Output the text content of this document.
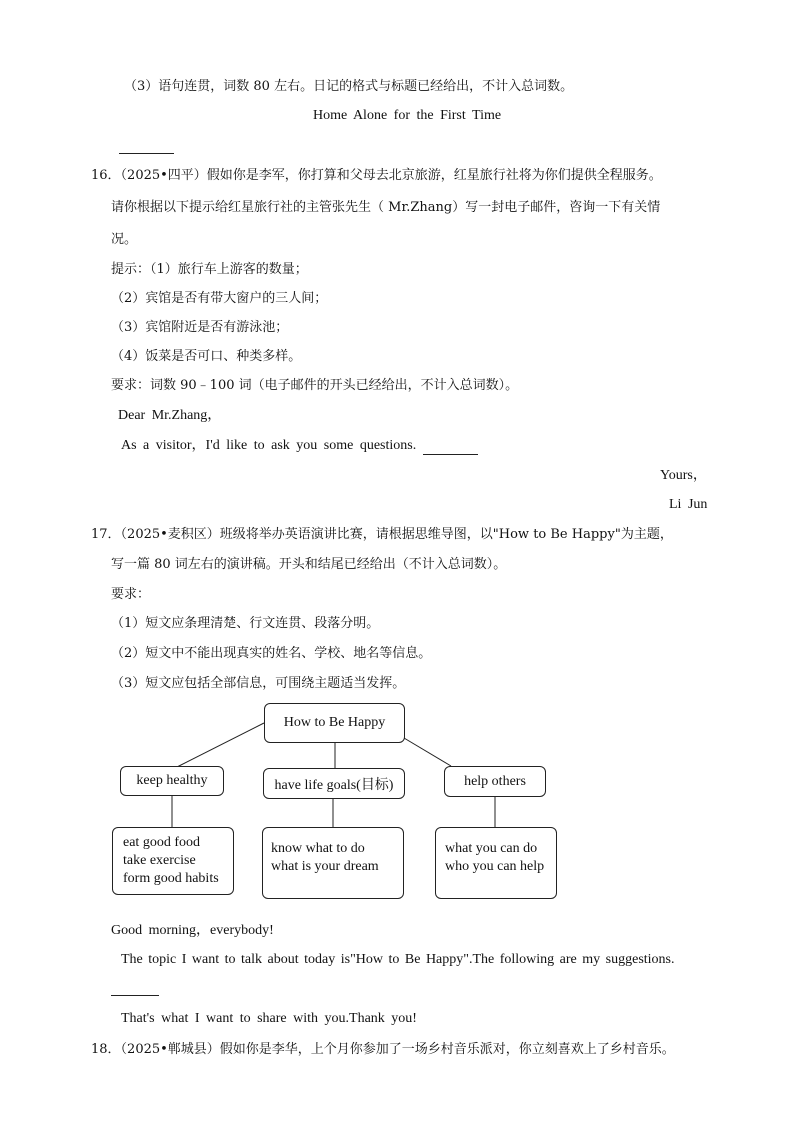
（3）语句连贯，词数 80 左右。日记的格式与标题已经给出，不计入总词数。
Home Alone for the First Time
16．（2025•四平）假如你是李军，你打算和父母去北京旅游，红星旅行社将为你们提供全程服务。
请你根据以下提示给红星旅行社的主管张先生（ Mr.Zhang）写一封电子邮件，咨询一下有关情
况。
提示：（1）旅行车上游客的数量；
（2）宾馆是否有带大窗户的三人间；
（3）宾馆附近是否有游泳池；
（4）饭菜是否可口、种类多样。
要求：词数 90﹣100 词（电子邮件的开头已经给出，不计入总词数）。
Dear Mr.Zhang，
As a visitor，I'd like to ask you some questions.
Yours，
Li Jun
17．（2025•麦积区）班级将举办英语演讲比赛，请根据思维导图，以"How to Be Happy"为主题，
写一篇 80 词左右的演讲稿。开头和结尾已经给出（不计入总词数）。
要求：
（1）短文应条理清楚、行文连贯、段落分明。
（2）短文中不能出现真实的姓名、学校、地名等信息。
（3）短文应包括全部信息，可围绕主题适当发挥。
How to Be Happy
keep healthy	have life goals(目标)	help others
eat good food
take exercise
form good habits
know what to do
what is your dream
what you can do
who you can help
Good morning，everybody!
The topic I want to talk about today is"How to Be Happy".The following are my suggestions.
That's what I want to share with you.Thank you!
18．（2025•郸城县）假如你是李华，上个月你参加了一场乡村音乐派对，你立刻喜欢上了乡村音乐。
